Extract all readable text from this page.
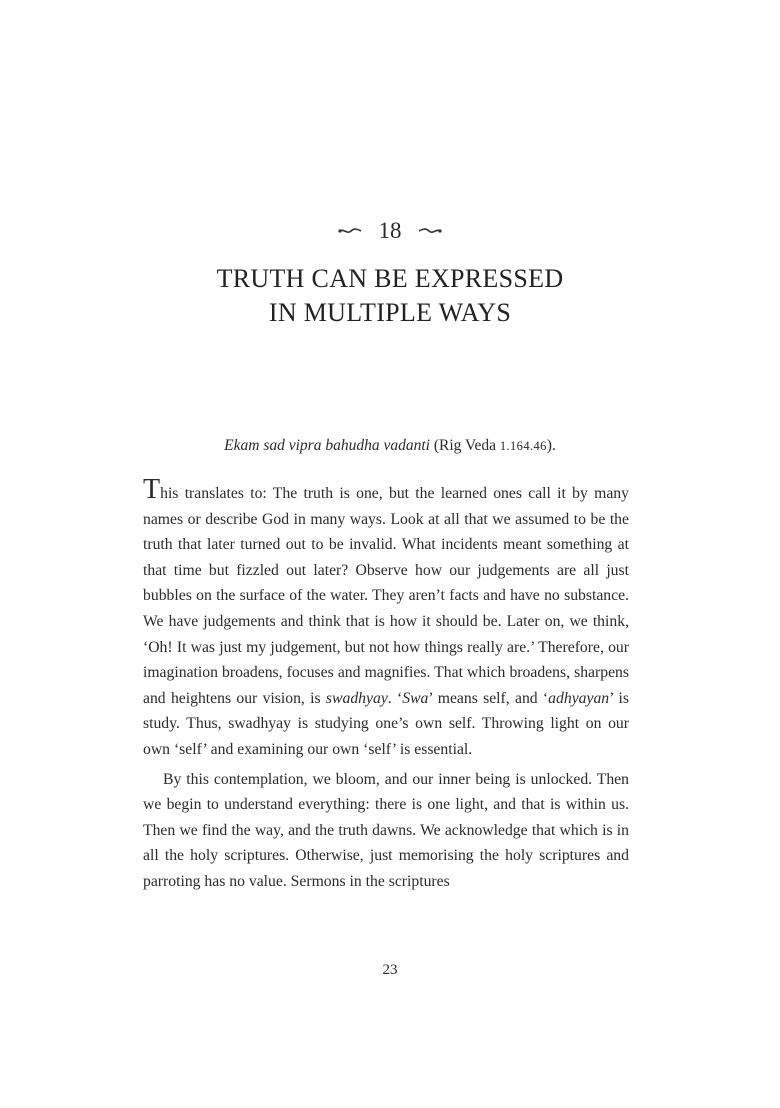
18
TRUTH CAN BE EXPRESSED
IN MULTIPLE WAYS
Ekam sad vipra bahudha vadanti (Rig Veda 1.164.46).

This translates to: The truth is one, but the learned ones call it by many names or describe God in many ways. Look at all that we assumed to be the truth that later turned out to be invalid. What incidents meant something at that time but fizzled out later? Observe how our judgements are all just bubbles on the surface of the water. They aren’t facts and have no substance. We have judgements and think that is how it should be. Later on, we think, ‘Oh! It was just my judgement, but not how things really are.’ Therefore, our imagination broadens, focuses and magnifies. That which broadens, sharpens and heightens our vision, is swadhyay. ‘Swa’ means self, and ‘adhyayan’ is study. Thus, swadhyay is studying one’s own self. Throwing light on our own ‘self’ and examining our own ‘self’ is essential.

By this contemplation, we bloom, and our inner being is unlocked. Then we begin to understand everything: there is one light, and that is within us. Then we find the way, and the truth dawns. We acknowledge that which is in all the holy scriptures. Otherwise, just memorising the holy scriptures and parroting has no value. Sermons in the scriptures

23
